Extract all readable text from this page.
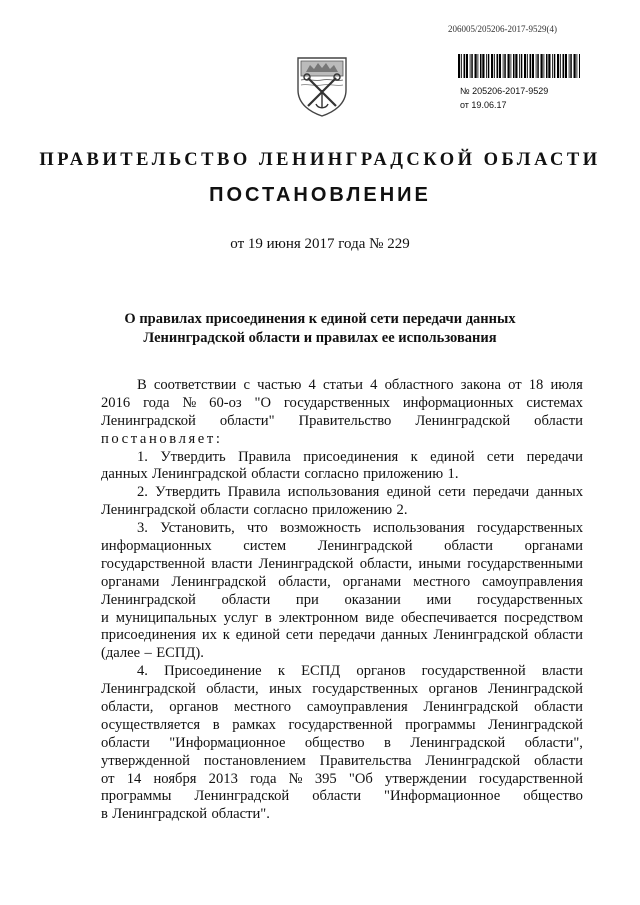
206005/205206-2017-9529(4)
№ 205206-2017-9529
от 19.06.17
ПРАВИТЕЛЬСТВО ЛЕНИНГРАДСКОЙ ОБЛАСТИ
ПОСТАНОВЛЕНИЕ
от 19 июня 2017 года № 229
О правилах присоединения к единой сети передачи данных
Ленинградской области и правилах ее использования
В соответствии с частью 4 статьи 4 областного закона от 18 июля
2016 года № 60-оз "О государственных информационных системах
Ленинградской области" Правительство Ленинградской области
постановляет:
1. Утвердить Правила присоединения к единой сети передачи
данных Ленинградской области согласно приложению 1.
2. Утвердить Правила использования единой сети передачи данных
Ленинградской области согласно приложению 2.
3. Установить, что возможность использования государственных
информационных систем Ленинградской области органами
государственной власти Ленинградской области, иными государственными
органами Ленинградской области, органами местного самоуправления
Ленинградской области при оказании ими государственных
и муниципальных услуг в электронном виде обеспечивается посредством
присоединения их к единой сети передачи данных Ленинградской области
(далее – ЕСПД).
4. Присоединение к ЕСПД органов государственной власти
Ленинградской области, иных государственных органов Ленинградской
области, органов местного самоуправления Ленинградской области
осуществляется в рамках государственной программы Ленинградской
области "Информационное общество в Ленинградской области",
утвержденной постановлением Правительства Ленинградской области
от 14 ноября 2013 года № 395 "Об утверждении государственной
программы Ленинградской области "Информационное общество
в Ленинградской области".
